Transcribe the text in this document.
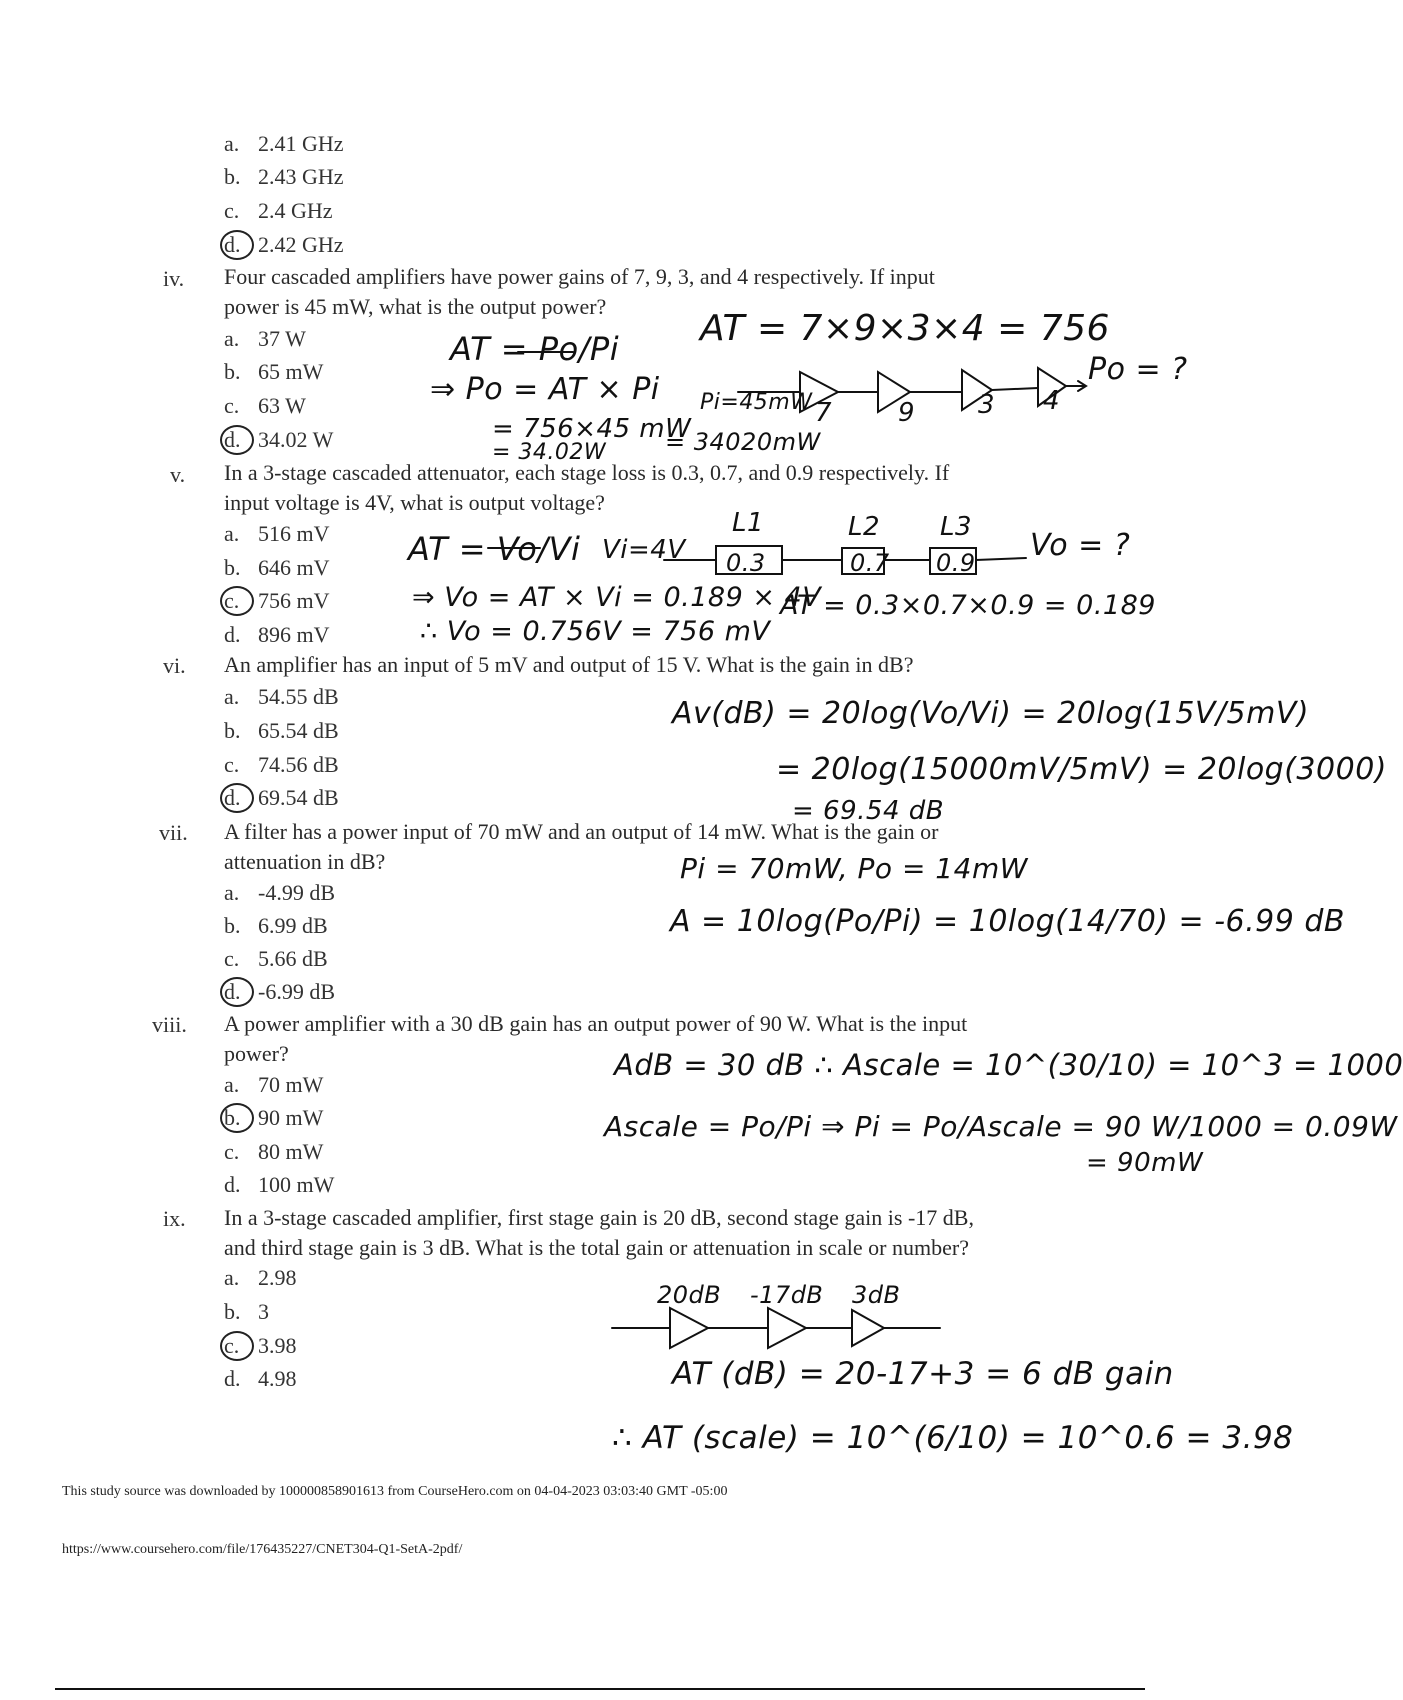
a. 2.41 GHz
b. 2.43 GHz
c. 2.4 GHz
d. 2.42 GHz
iv. Four cascaded amplifiers have power gains of 7, 9, 3, and 4 respectively. If input
power is 45 mW, what is the output power?
a. 37 W
b. 65 mW
c. 63 W
d. 34.02 W
AT = Po/Pi
⇒ Po = AT × Pi
= 756×45 mW
= 34.02W = 34020mW
AT = 7×9×3×4 = 756
Pi=45mW
Po = ?
7	9 3 4
v. In a 3-stage cascaded attenuator, each stage loss is 0.3, 0.7, and 0.9 respectively. If
input voltage is 4V, what is output voltage?
a. 516 mV
b. 646 mV
c. 756 mV
d. 896 mV
AT = Vo/Vi
⇒ Vo = AT × Vi = 0.189 × 4V
∴ Vo = 0.756V = 756 mV
Vi=4V	Vo = ?
L1	L2 L3
0.3	0.7 0.9
AT = 0.3×0.7×0.9 = 0.189
vi. An amplifier has an input of 5 mV and output of 15 V. What is the gain in dB?
a. 54.55 dB
b. 65.54 dB
c. 74.56 dB
d. 69.54 dB
Av(dB) = 20log(Vo/Vi) = 20log(15V/5mV)
= 20log(15000mV/5mV) = 20log(3000)
= 69.54 dB
vii. A filter has a power input of 70 mW and an output of 14 mW. What is the gain or
attenuation in dB?
a. -4.99 dB
b. 6.99 dB
c. 5.66 dB
d. -6.99 dB
Pi = 70mW, Po = 14mW
A = 10log(Po/Pi) = 10log(14/70) = -6.99 dB
viii. A power amplifier with a 30 dB gain has an output power of 90 W. What is the input
power?
a. 70 mW
b. 90 mW
c. 80 mW
d. 100 mW
AdB = 30 dB ∴ Ascale = 10^(30/10) = 10^3 = 1000
Ascale = Po/Pi ⇒ Pi = Po/Ascale = 90 W/1000 = 0.09W
= 90mW
ix. In a 3-stage cascaded amplifier, first stage gain is 20 dB, second stage gain is -17 dB,
and third stage gain is 3 dB. What is the total gain or attenuation in scale or number?
a. 2.98
b. 3
c. 3.98
d. 4.98
20dB -17dB 3dB
AT (dB) = 20-17+3 = 6 dB gain
∴ AT (scale) = 10^(6/10) = 10^0.6 = 3.98
This study source was downloaded by 100000858901613 from CourseHero.com on 04-04-2023 03:03:40 GMT -05:00
https://www.coursehero.com/file/176435227/CNET304-Q1-SetA-2pdf/
